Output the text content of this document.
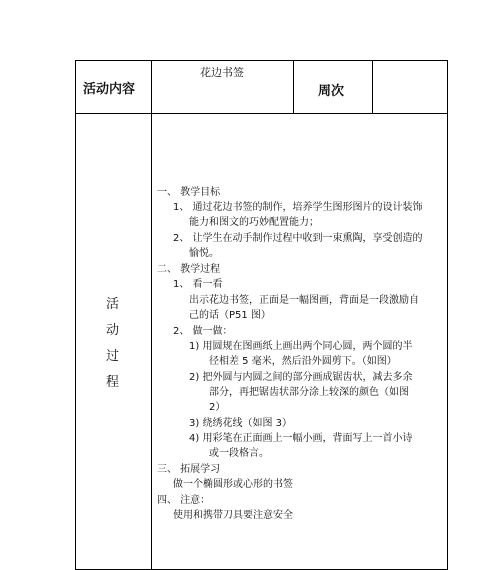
活动内容
花边书签
周次
活
动
过
程
一、 教学目标
1、 通过花边书签的制作，培养学生图形图片的设计装饰
能力和图文的巧妙配置能力；
2、 让学生在动手制作过程中收到一束熏陶，享受创造的
愉悦。
二、 教学过程
1、 看一看
出示花边书签，正面是一幅图画，背面是一段激励自
己的话（P51 图）
2、 做一做：
1) 用圆规在图画纸上画出两个同心圆，两个圆的半
径相差 5 毫米，然后沿外圆剪下。（如图）
2) 把外圆与内圆之间的部分画成锯齿状，减去多余
部分，再把锯齿状部分涂上较深的颜色（如图
2）
3) 绕绣花线（如图 3）
4) 用彩笔在正面画上一幅小画，背面写上一首小诗
或一段格言。
三、 拓展学习
做一个椭圆形或心形的书签
四、 注意：
使用和携带刀具要注意安全
